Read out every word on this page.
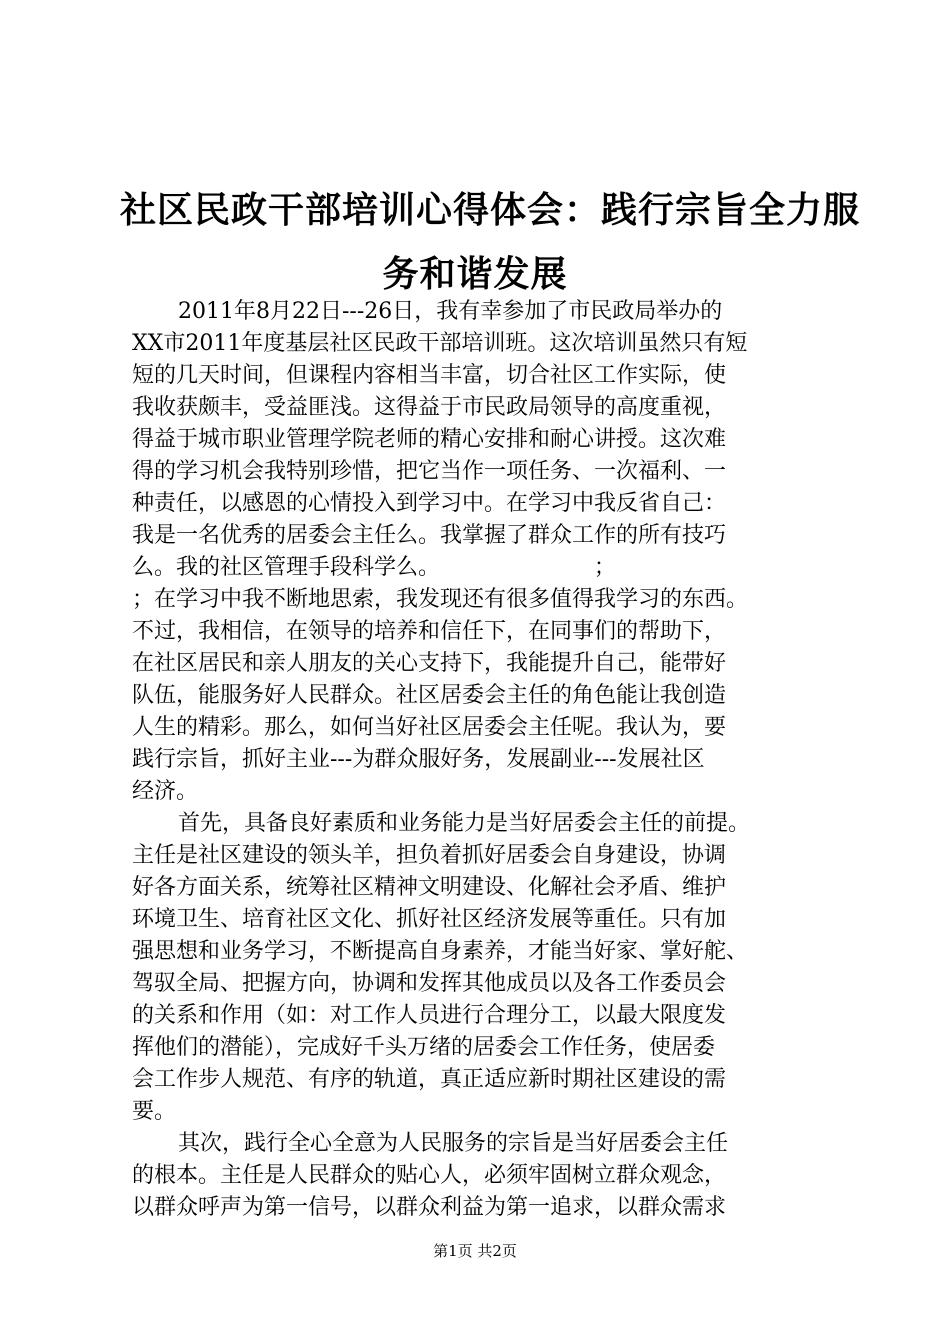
社区民政干部培训心得体会：践行宗旨全力服
务和谐发展

2011年8月22日---26日，我有幸参加了市民政局举办的
XX市2011年度基层社区民政干部培训班。这次培训虽然只有短
短的几天时间，但课程内容相当丰富，切合社区工作实际，使
我收获颇丰，受益匪浅。这得益于市民政局领导的高度重视，
得益于城市职业管理学院老师的精心安排和耐心讲授。这次难
得的学习机会我特别珍惜，把它当作一项任务、一次福利、一
种责任，以感恩的心情投入到学习中。在学习中我反省自己：
我是一名优秀的居委会主任么。我掌握了群众工作的所有技巧
么。我的社区管理手段科学么。                      ；
；在学习中我不断地思索，我发现还有很多值得我学习的东西。
不过，我相信，在领导的培养和信任下，在同事们的帮助下，
在社区居民和亲人朋友的关心支持下，我能提升自己，能带好
队伍，能服务好人民群众。社区居委会主任的角色能让我创造
人生的精彩。那么，如何当好社区居委会主任呢。我认为，要
践行宗旨，抓好主业---为群众服好务，发展副业---发展社区
经济。

首先，具备良好素质和业务能力是当好居委会主任的前提。
主任是社区建设的领头羊，担负着抓好居委会自身建设，协调
好各方面关系，统筹社区精神文明建设、化解社会矛盾、维护
环境卫生、培育社区文化、抓好社区经济发展等重任。只有加
强思想和业务学习，不断提高自身素养，才能当好家、掌好舵、
驾驭全局、把握方向，协调和发挥其他成员以及各工作委员会
的关系和作用（如：对工作人员进行合理分工，以最大限度发
挥他们的潜能），完成好千头万绪的居委会工作任务，使居委
会工作步人规范、有序的轨道，真正适应新时期社区建设的需
要。

其次，践行全心全意为人民服务的宗旨是当好居委会主任
的根本。主任是人民群众的贴心人，必须牢固树立群众观念，
以群众呼声为第一信号，以群众利益为第一追求，以群众需求

第1页 共2页
